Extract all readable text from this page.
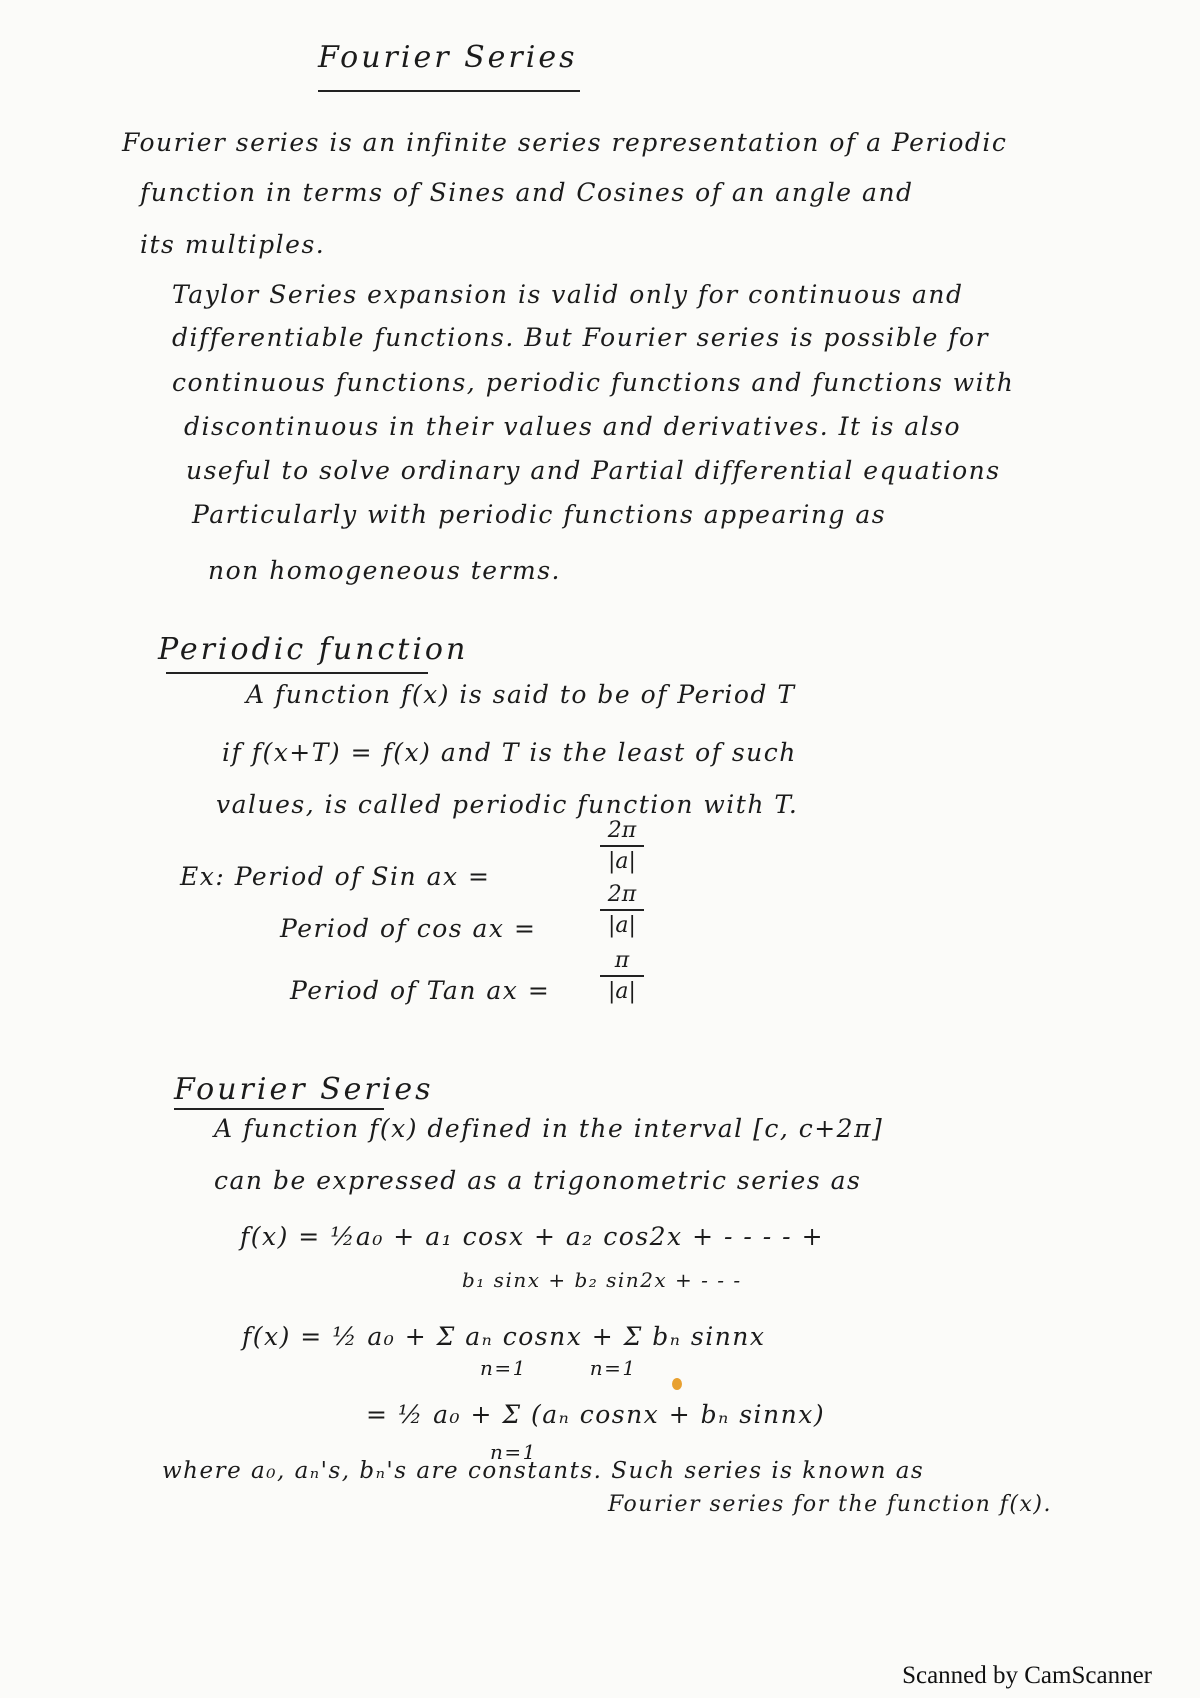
Fourier Series
Fourier series is an infinite series representation of a Periodic
function in terms of Sines and Cosines of an angle and
its multiples.
Taylor Series expansion is valid only for continuous and
differentiable functions. But Fourier series is possible for
continuous functions, periodic functions and functions with
discontinuous in their values and derivatives. It is also
useful to solve ordinary and Partial differential equations
Particularly with periodic functions appearing as
non homogeneous terms.
Periodic function
A function f(x) is said to be of Period T
if f(x+T) = f(x) and T is the least of such
values, is called periodic function with T.
Ex: Period of Sin ax =
2π
|a|
Period of cos ax =
2π
|a|
Period of Tan ax =
π
|a|
Fourier Series
A function f(x) defined in the interval [c, c+2π]
can be expressed as a trigonometric series as
f(x) = ½a₀ + a₁ cosx + a₂ cos2x + - - - - +
b₁ sinx + b₂ sin2x + - - -
f(x) = ½ a₀ + Σ aₙ cosnx + Σ bₙ sinnx
n=1        n=1
= ½ a₀ + Σ (aₙ cosnx + bₙ sinnx)
n=1
where a₀, aₙ's, bₙ's are constants. Such series is known as
Fourier series for the function f(x).
Scanned by CamScanner
